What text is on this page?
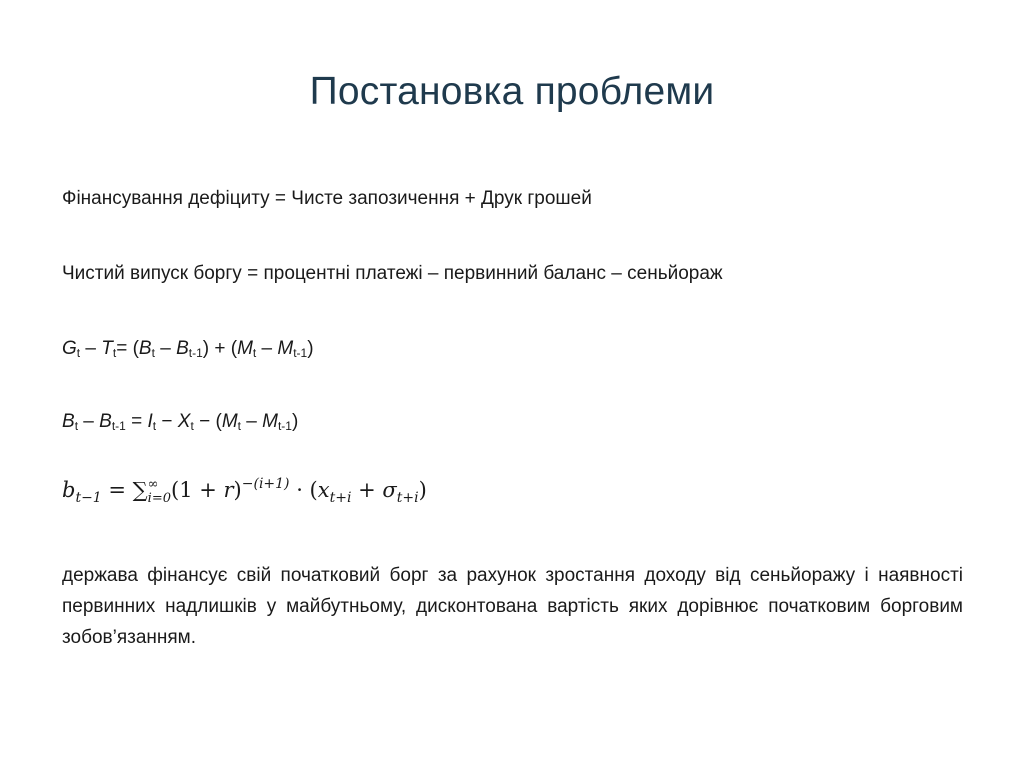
Постановка проблеми

Фінансування дефіциту = Чисте запозичення + Друк грошей

Чистий випуск боргу = процентні платежі – первинний баланс – сеньйораж

$G_t - T_t= (B_t - B_{t-1}) + (M_t - M_{t-1})$

$B_t - B_{t-1} = I_t - X_t - (M_t - M_{t-1})$

$b_{t-1}$ = ∑ ∞
i=0 $(1 + r)^{-(i+1)} \cdot (x_{t+i} + \sigma_{t+i})$

держава фінансує свій початковий борг за рахунок зростання доходу від сеньйоражу і наявності первинних надлишків у майбутньому, дисконтована вартість яких дорівнює початковим борговим зобов’язанням.
